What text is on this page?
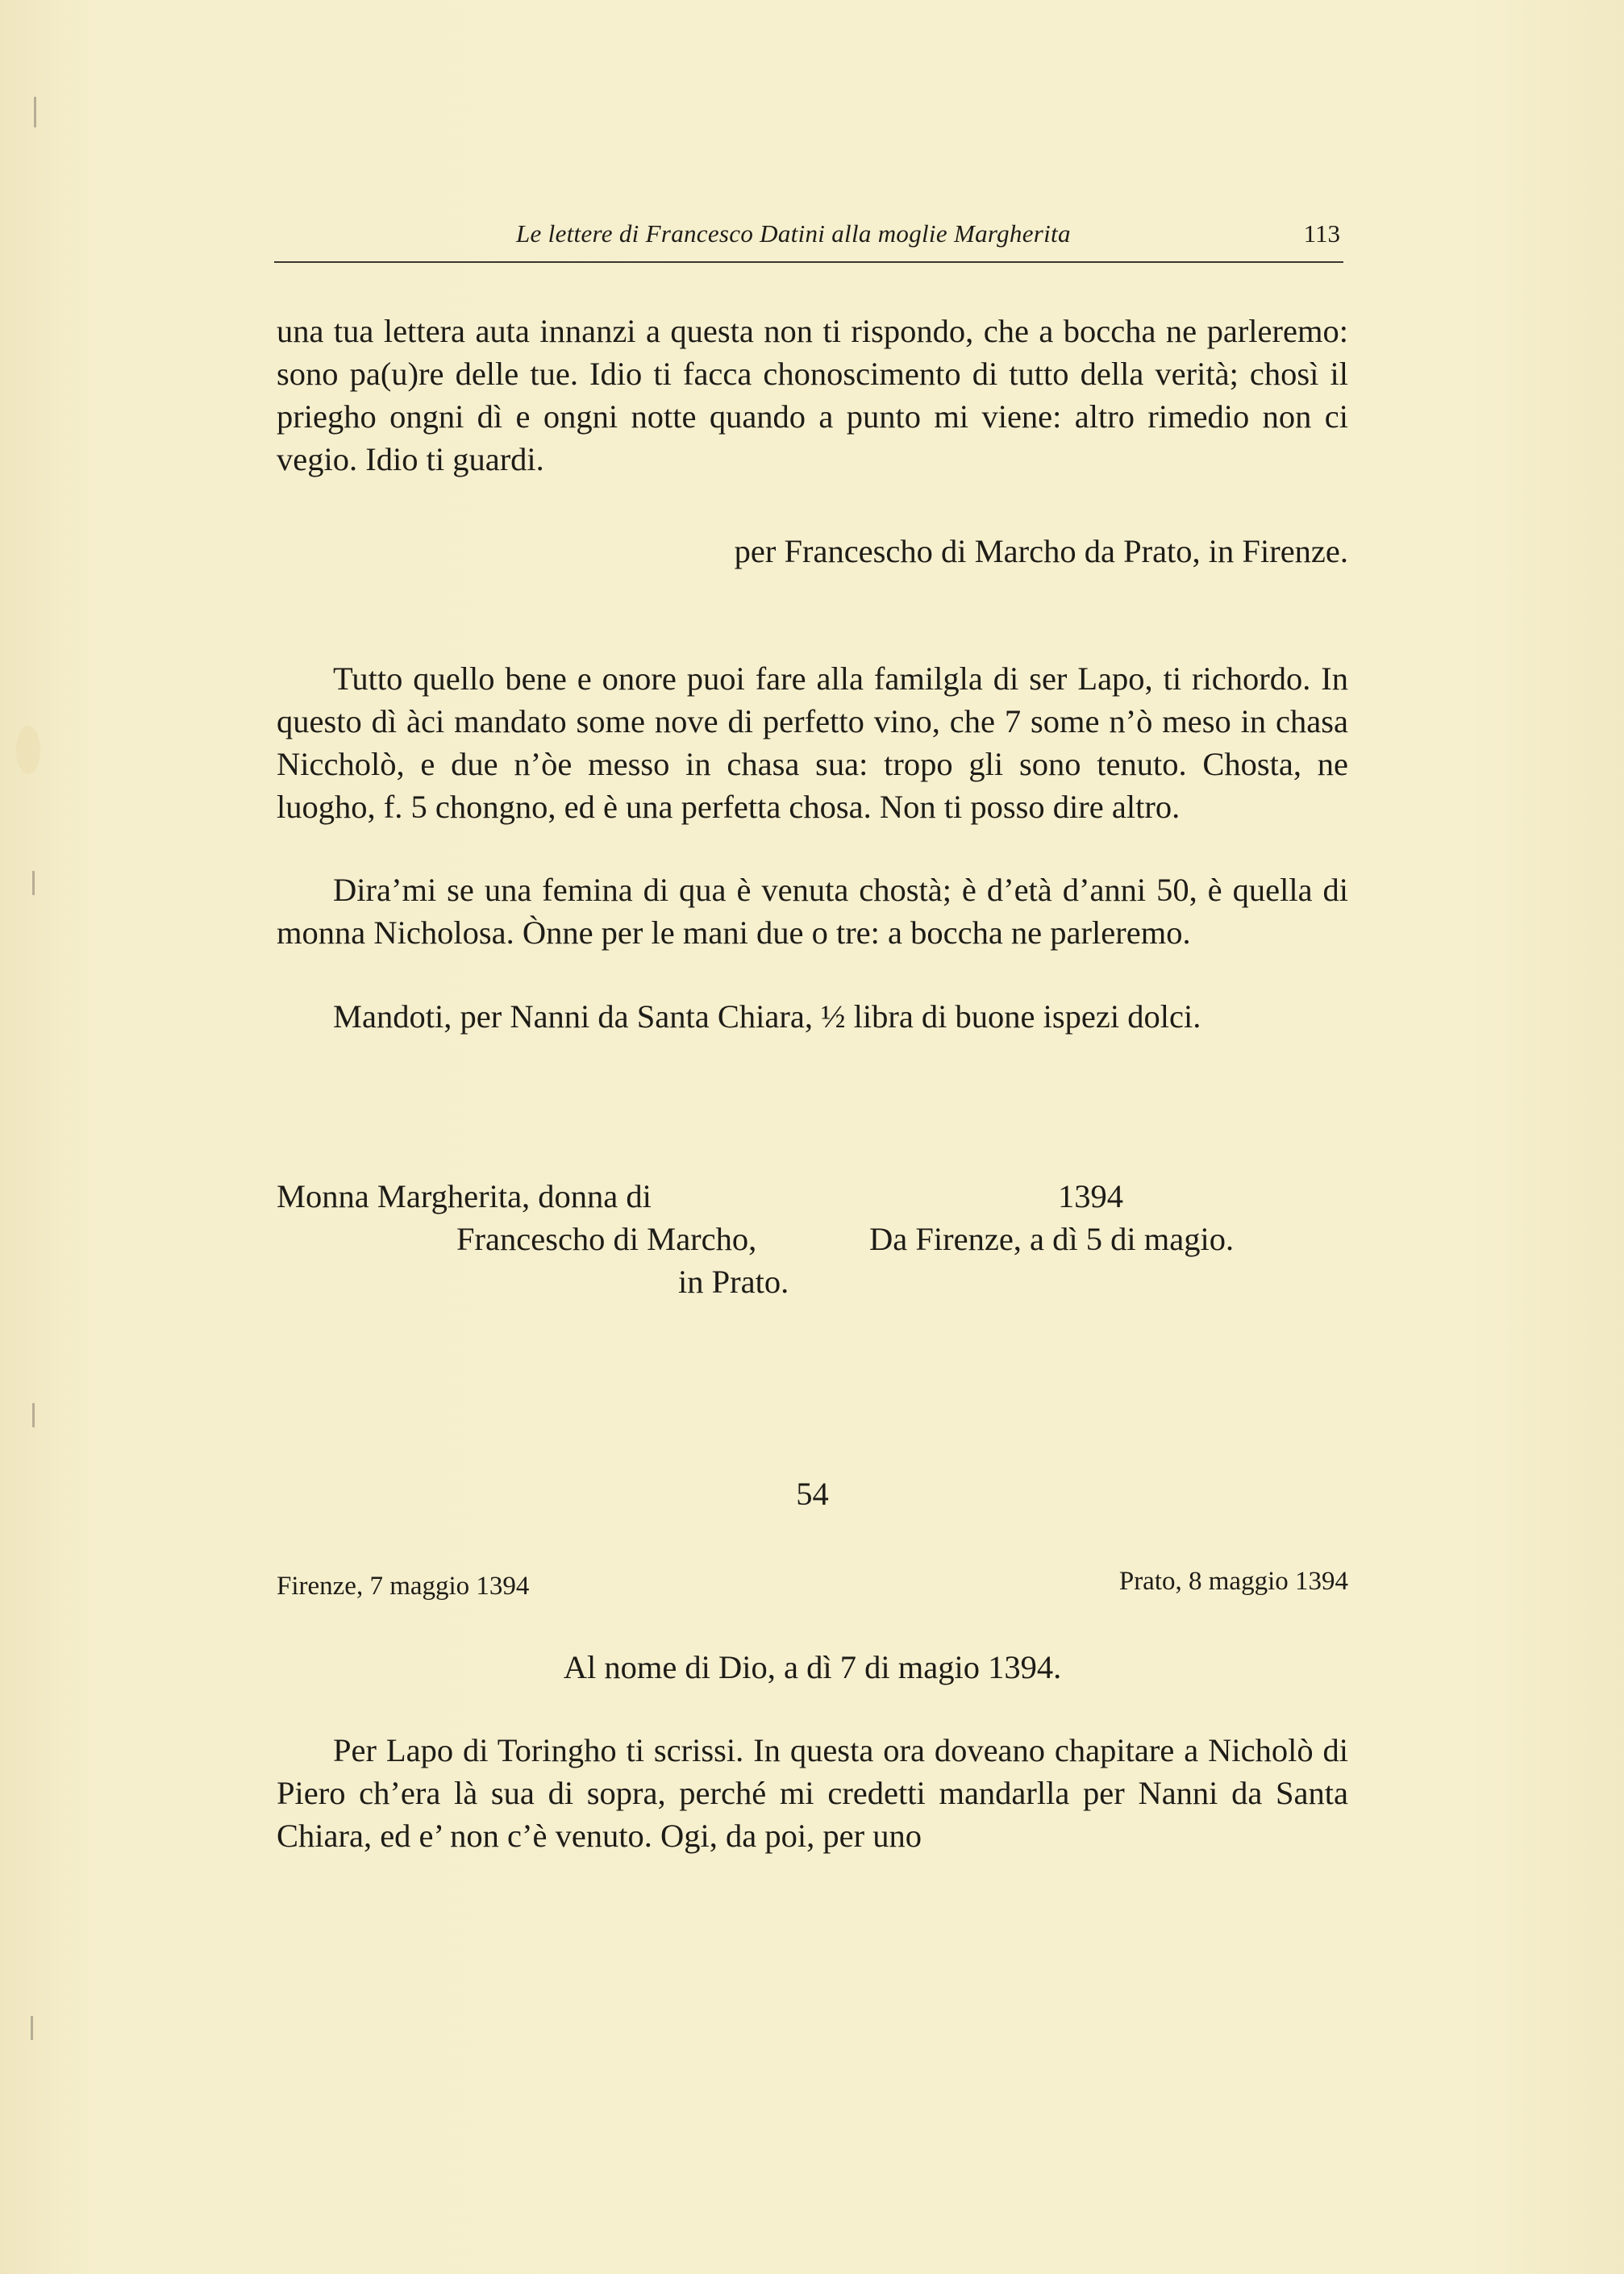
Le lettere di Francesco Datini alla moglie Margherita	113

una tua lettera auta innanzi a questa non ti rispondo, che a boccha ne parleremo: sono pa(u)re delle tue. Idio ti facca chonoscimento di tutto della verità; chosì il prieghо ongni dì e ongni notte quando a punto mi viene: altro rimedio non ci vegio. Idio ti guardi.

per Francescho di Marcho da Prato, in Firenze.

Tutto quello bene e onore puoi fare alla familgla di ser Lapo, ti richordo. In questo dì àci mandato some nove di perfetto vino, che 7 some n’ò meso in chasa Nicchоlò, e due n’òe messo in chasa sua: tropo gli sono tenuto. Chosta, ne luogho, f. 5 chongno, ed è una perfetta chosa. Non ti posso dire altro.

Dira’mi se una femina di qua è venuta chostà; è d’età d’anni 50, è quella di monna Nicholosa. Ònne per le mani due o tre: a boccha ne parleremo.

Mandoti, per Nanni da Santa Chiara, ½ libra di buone ispezi dolci.

Monna Margherita, donna di
Francescho di Marcho,
in Prato.
1394
Da Firenze, a dì 5 di magio.
54
Firenze, 7 maggio 1394	Prato, 8 maggio 1394
Al nome di Dio, a dì 7 di magio 1394.

Per Lapo di Toringho ti scrissi. In questa ora doveano chapitare a Nicholò di Piero ch’era là sua di sopra, perché mi credetti mandarlla per Nanni da Santa Chiara, ed e’ non c’è venuto. Ogi, da poi, per uno
